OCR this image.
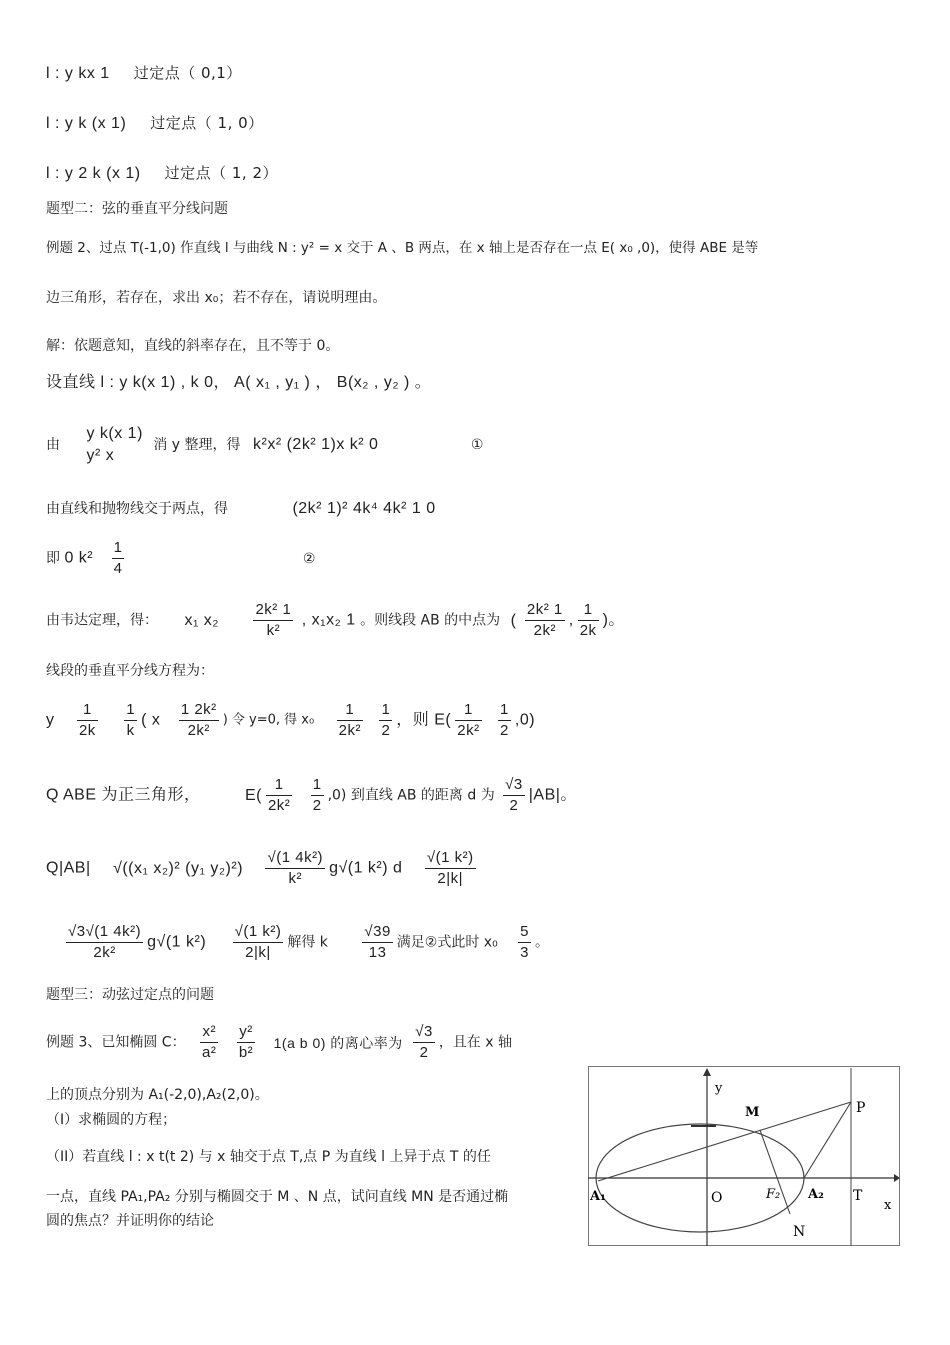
l : y kx 1 过定点（ 0,1）
l : y k (x 1) 过定点（ 1, 0）
l : y 2 k (x 1) 过定点（ 1, 2）
题型二：弦的垂直平分线问题
例题 2、过点 T(-1,0) 作直线 l 与曲线 N : y² = x 交于 A 、B 两点，在 x 轴上是否存在一点 E( x₀ ,0)，使得 ABE 是等
边三角形，若存在，求出 x₀；若不存在，请说明理由。
解：依题意知，直线的斜率存在，且不等于 0。
设直线 l : y k(x 1) , k 0， A( x₁ , y₁ ) ， B(x₂ , y₂ ) 。
由
y k(x 1)
y² x
消 y 整理，得 k²x² (2k² 1)x k² 0	①
由直线和抛物线交于两点，得	(2k² 1)² 4k⁴ 4k² 1 0
即 0 $k^2 \frac{1}{4}$	②
由韦达定理，得： x₁ $x_2 \frac{\text{2k² 1}}{\text{k²}}$ , x₁x₂ 1 。则线段 AB 的中点为 ( $\frac{\text{2k² 1}}{\text{2k²}}$ , $\frac{1}{2k}$ )。
线段的垂直平分线方程为：
y $\frac{1}{2k}$
$\frac{1}{k}$ ( x $\frac{\text{1 2k²}}{\text{2k²}}$ ) 令 y=0, 得 $x_0 \frac{1}{\text{2k²}}$
$\frac{1}{2}$ ，则 $E( \frac{1}{\text{2k²}}$
$\frac{1}{2} ,0$)
Q ABE 为正三角形，	$E( \frac{1}{\text{2k²}}$
$\frac{1}{2} ,0$) 到直线 AB 的距离 d 为 $\frac{√3}{2} |AB|$。
Q|AB| √((x₁ x₂)² (y₁ $y_2)^2) \frac{\text{√(1 4k²)}}{\text{k²}} g√(1$ k²) d $\frac{\text{√(1 k²)}}{2|k|}$
$\frac{\text{√3√(1 4k²)}}{\text{2k²}} g√(1$ $k^2) \frac{\text{√(1 k²)}}{2|k|}$ 解得 k $\frac{√39}{13}$ 满足②式此时 $x_0 \frac{5}{3}$ 。
题型三：动弦过定点的问题
例题 3、已知椭圆 C： $\frac{\text{x²}}{\text{a²}}$
$\frac{\text{y²}}{\text{b²}} 1(a$ b 0) 的离心率为 $\frac{√3}{2}$ ，且在 x 轴
上的顶点分别为 A₁(-2,0),A₂(2,0)。
（I）求椭圆的方程；
（II）若直线 l : x t(t 2) 与 x 轴交于点 T,点 P 为直线 l 上异于点 T 的任
一点，直线 PA₁,PA₂ 分别与椭圆交于 M 、N 点，试问直线 MN 是否通过椭
圆的焦点？并证明你的结论
y
x
O
M
N
P
T
A₁	A₂
F₂
